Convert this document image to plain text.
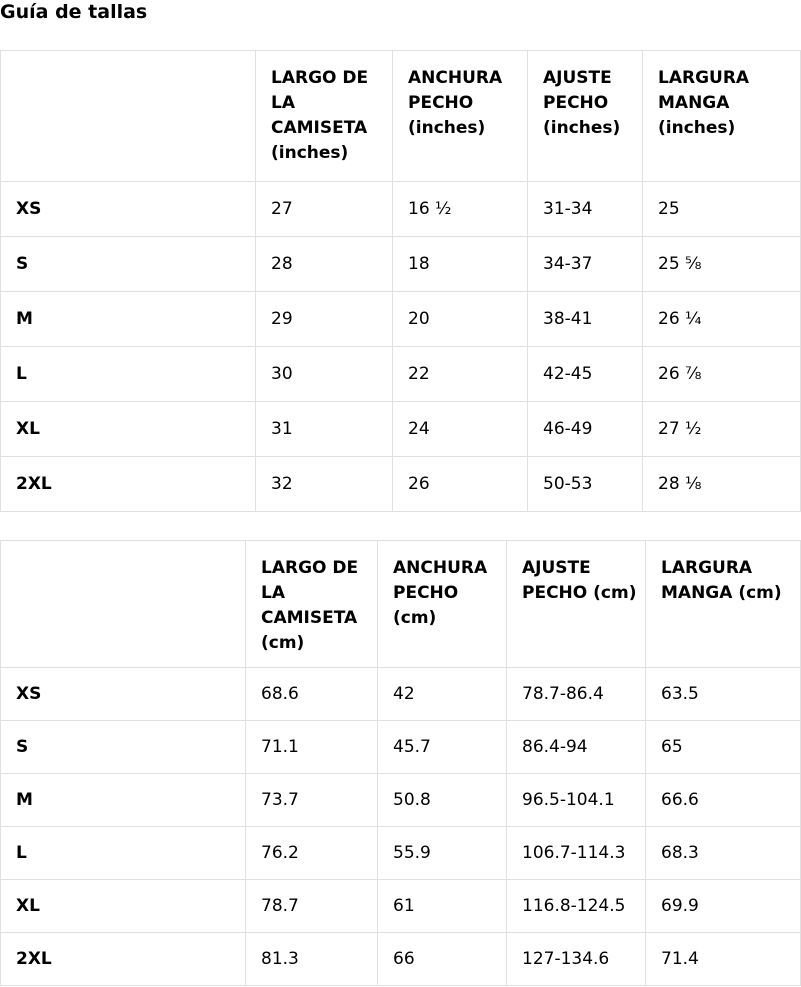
Guía de tallas
	LARGO DE LA CAMISETA (inches)	ANCHURA PECHO (inches)	AJUSTE PECHO (inches)	LARGURA MANGA (inches)
XS	27	16 ½	31-34	25
S	28	18	34-37	25 ⅝
M	29	20	38-41	26 ¼
L	30	22	42-45	26 ⅞
XL	31	24	46-49	27 ½
2XL	32	26	50-53	28 ⅛
	LARGO DE LA CAMISETA (cm)	ANCHURA PECHO (cm)	AJUSTE PECHO (cm)	LARGURA MANGA (cm)
XS	68.6	42	78.7-86.4	63.5
S	71.1	45.7	86.4-94	65
M	73.7	50.8	96.5-104.1	66.6
L	76.2	55.9	106.7-114.3	68.3
XL	78.7	61	116.8-124.5	69.9
2XL	81.3	66	127-134.6	71.4
